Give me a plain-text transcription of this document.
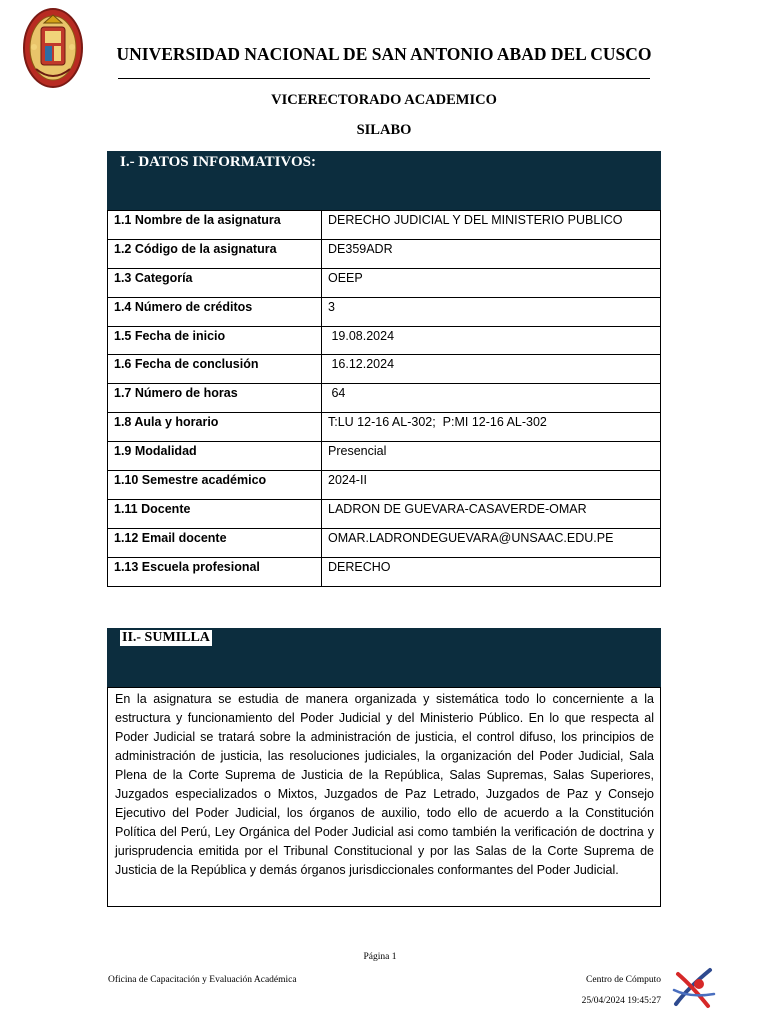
UNIVERSIDAD NACIONAL DE SAN ANTONIO ABAD DEL CUSCO
VICERECTORADO ACADEMICO
SILABO
I.- DATOS INFORMATIVOS:
1.1 Nombre de la asignatura	DERECHO JUDICIAL Y DEL MINISTERIO PUBLICO
1.2 Código de la asignatura	DE359ADR
1.3 Categoría	OEEP
1.4 Número de créditos	3
1.5 Fecha de inicio	19.08.2024
1.6 Fecha de conclusión	16.12.2024
1.7 Número de horas	64
1.8 Aula y horario	T:LU 12-16 AL-302;  P:MI 12-16 AL-302
1.9 Modalidad	Presencial
1.10 Semestre académico	2024-II
1.11 Docente	LADRON DE GUEVARA-CASAVERDE-OMAR
1.12 Email docente	OMAR.LADRONDEGUEVARA@UNSAAC.EDU.PE
1.13 Escuela profesional	DERECHO
II.- SUMILLA

En la asignatura se estudia de manera organizada y sistemática todo lo concerniente a la estructura y funcionamiento del Poder Judicial y del Ministerio Público. En lo que respecta al Poder Judicial se tratará sobre la administración de justicia, el control difuso, los principios de administración de justicia, las resoluciones judiciales, la organización del Poder Judicial, Sala Plena de la Corte Suprema de Justicia de la República, Salas Supremas, Salas Superiores, Juzgados especializados o Mixtos, Juzgados de Paz Letrado, Juzgados de Paz y Consejo Ejecutivo del Poder Judicial, los órganos de auxilio, todo ello de acuerdo a la Constitución Política del Perú, Ley Orgánica del Poder Judicial asi como también la verificación de doctrina y jurisprudencia emitida por el Tribunal Constitucional y por las Salas de la Corte Suprema de Justicia de la República y demás órganos jurisdiccionales conformantes del Poder Judicial.

Página 1
Oficina de Capacitación y Evaluación Académica	Centro de Cómputo
25/04/2024 19:45:27
